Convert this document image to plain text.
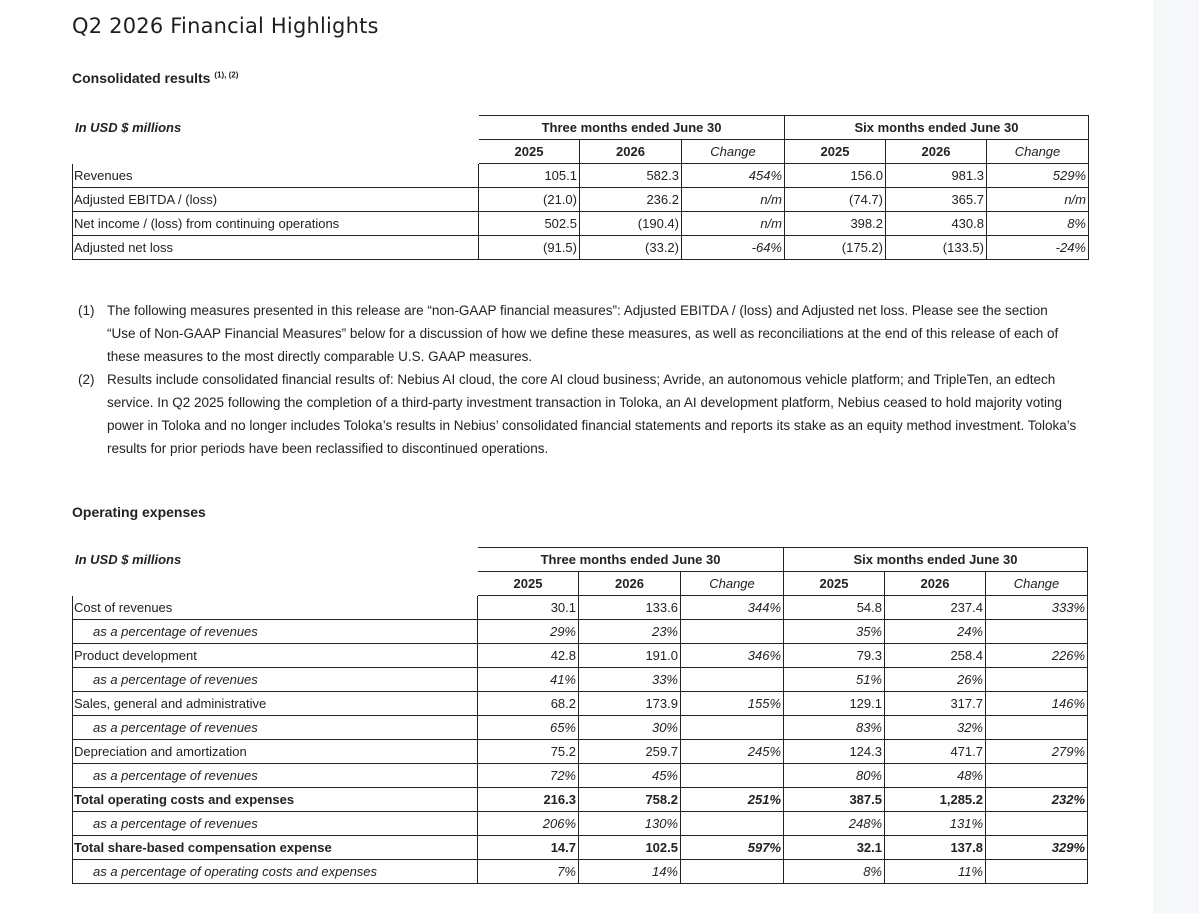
Q2 2026 Financial Highlights
Consolidated results $^{(1), (2)}$
In USD $ millions	Three months ended June 30			Six months ended June 30		
	2025	2026	Change	2025	2026	Change
Revenues	105.1	582.3	454%	156.0	981.3	529%
Adjusted EBITDA / (loss)	(21.0)	236.2	n/m	(74.7)	365.7	n/m
Net income / (loss) from continuing operations	502.5	(190.4)	n/m	398.2	430.8	8%
Adjusted net loss	(91.5)	(33.2)	-64%	(175.2)	(133.5)	-24%
(1) The following measures presented in this release are “non-GAAP financial measures”: Adjusted EBITDA / (loss) and Adjusted net loss. Please see the section “Use of Non-GAAP Financial Measures” below for a discussion of how we define these measures, as well as reconciliations at the end of this release of each of these measures to the most directly comparable U.S. GAAP measures.
(2) Results include consolidated financial results of: Nebius AI cloud, the core AI cloud business; Avride, an autonomous vehicle platform; and TripleTen, an edtech service. In Q2 2025 following the completion of a third-party investment transaction in Toloka, an AI development platform, Nebius ceased to hold majority voting power in Toloka and no longer includes Toloka’s results in Nebius’ consolidated financial statements and reports its stake as an equity method investment. Toloka’s results for prior periods have been reclassified to discontinued operations.
Operating expenses
In USD $ millions	Three months ended June 30			Six months ended June 30		
	2025	2026	Change	2025	2026	Change
Cost of revenues	30.1	133.6	344%	54.8	237.4	333%
as a percentage of revenues	29%	23%		35%	24%	
Product development	42.8	191.0	346%	79.3	258.4	226%
as a percentage of revenues	41%	33%		51%	26%	
Sales, general and administrative	68.2	173.9	155%	129.1	317.7	146%
as a percentage of revenues	65%	30%		83%	32%	
Depreciation and amortization	75.2	259.7	245%	124.3	471.7	279%
as a percentage of revenues	72%	45%		80%	48%	
Total operating costs and expenses	216.3	758.2	251%	387.5	1,285.2	232%
as a percentage of revenues	206%	130%		248%	131%	
Total share-based compensation expense	14.7	102.5	597%	32.1	137.8	329%
as a percentage of operating costs and expenses	7%	14%		8%	11%	
